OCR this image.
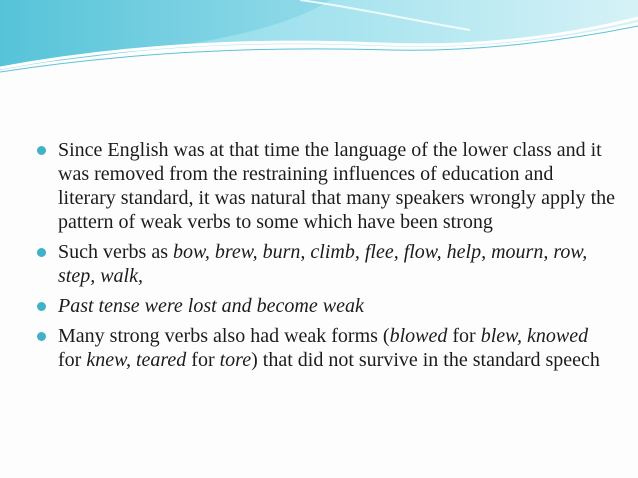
Since English was at that time the language of the lower class and it was removed from the restraining influences of education and literary standard, it was natural that many speakers wrongly apply the pattern of weak verbs to some which have been strong
Such verbs as bow, brew, burn, climb, flee, flow, help, mourn, row, step, walk,
Past tense were lost and become weak
Many strong verbs also had weak forms (blowed for blew, knowed for knew, teared for tore) that did not survive in the standard speech
